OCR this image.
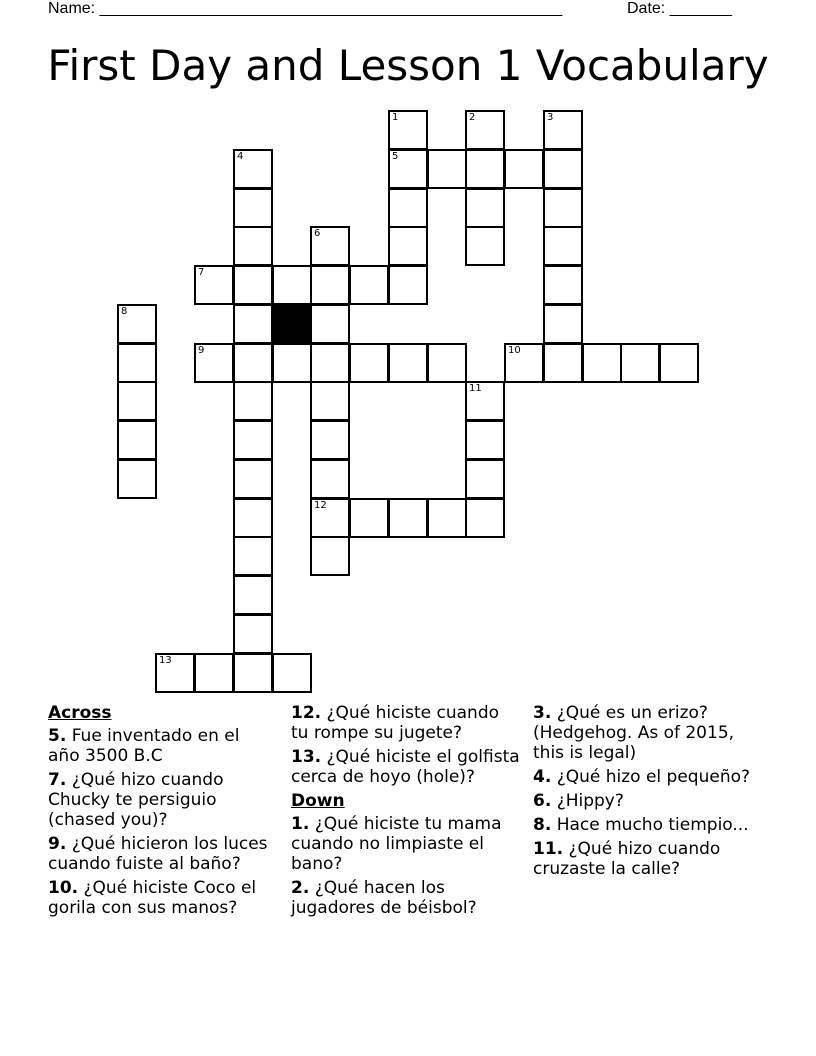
Name: ____________________________________________________	Date: _______
First Day and Lesson 1 Vocabulary
1
5
2	3
4
6
12
7
8
9	10
11
13
Across
5. Fue inventado en el año 3500 B.C
7. ¿Qué hizo cuando Chucky te persiguio (chased you)?
9. ¿Qué hicieron los luces cuando fuiste al baño?
10. ¿Qué hiciste Coco el gorila con sus manos?
12. ¿Qué hiciste cuando tu rompe su jugete?
13. ¿Qué hiciste el golfista cerca de hoyo (hole)?
Down
1. ¿Qué hiciste tu mama cuando no limpiaste el bano?
2. ¿Qué hacen los jugadores de béisbol?
3. ¿Qué es un erizo? (Hedgehog. As of 2015, this is legal)
4. ¿Qué hizo el pequeño?
6. ¿Hippy?
8. Hace mucho tiempio...
11. ¿Qué hizo cuando cruzaste la calle?
